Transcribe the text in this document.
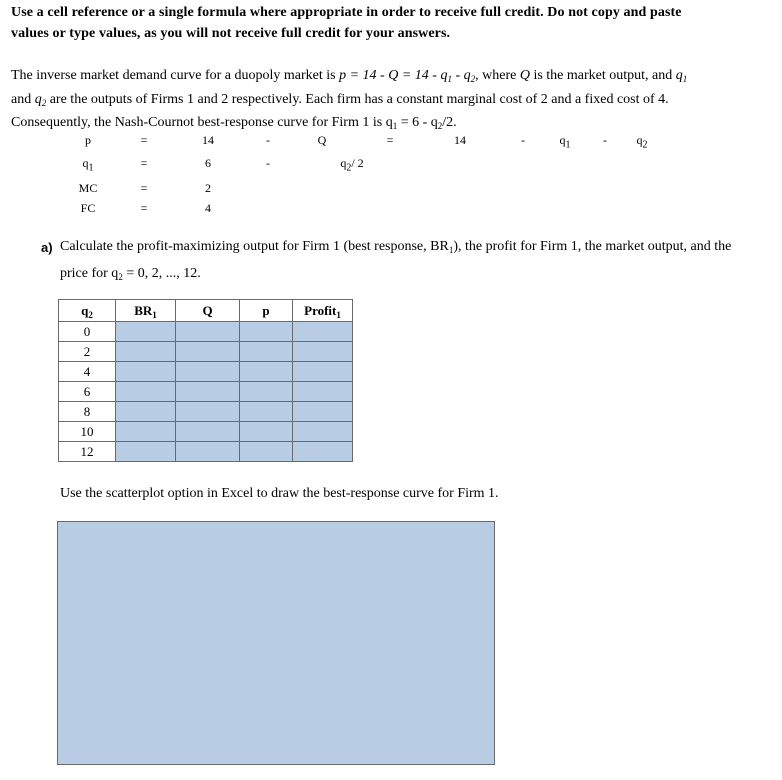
Use a cell reference or a single formula where appropriate in order to receive full credit. Do not copy and paste
values or type values, as you will not receive full credit for your answers.
The inverse market demand curve for a duopoly market is $p = 14 - Q = 14 - q_1 - q_2$, where Q is the market output, and $q_1$
and $q_2$ are the outputs of Firms 1 and 2 respectively. Each firm has a constant marginal cost of 2 and a fixed cost of 4.
Consequently, the Nash-Cournot best-response curve for Firm 1 is $q_1 = 6 - q_2/2$.
p	=	14	-	Q	=	14	-	$q_1$	-	$q_2$
$q_1$	=	6	-	$q_2/$ 2
MC	=	2
FC	=	4
a) Calculate the profit-maximizing output for Firm 1 (best response, $BR_1$), the profit for Firm 1, the market output, and the
price for $q_2 = 0$, 2, ..., 12.
$q_2$	$BR_1$	Q	p	Profit$_1$
0				
2				
4				
6				
8				
10				
12				
Use the scatterplot option in Excel to draw the best-response curve for Firm 1.
